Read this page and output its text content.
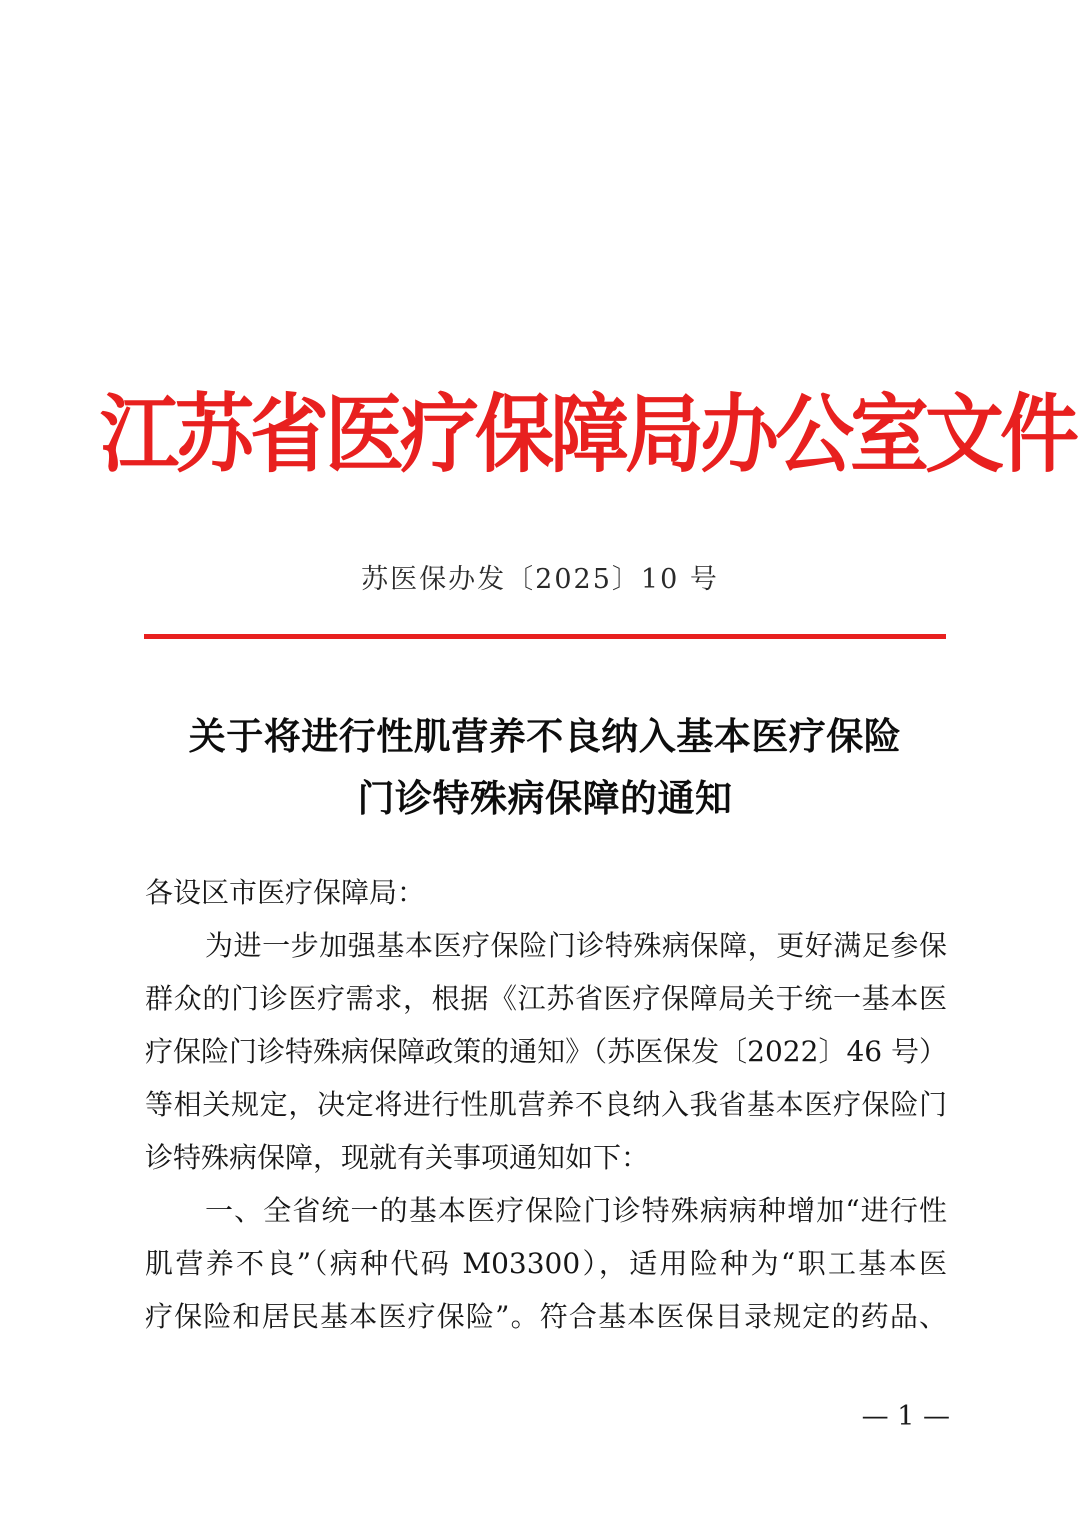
江苏省医疗保障局办公室文件
苏医保办发〔2025〕10 号
关于将进行性肌营养不良纳入基本医疗保险
门诊特殊病保障的通知
各设区市医疗保障局：
为进一步加强基本医疗保险门诊特殊病保障，更好满足参保
群众的门诊医疗需求，根据《江苏省医疗保障局关于统一基本医
疗保险门诊特殊病保障政策的通知》（苏医保发〔2022〕46 号）
等相关规定，决定将进行性肌营养不良纳入我省基本医疗保险门
诊特殊病保障，现就有关事项通知如下：
一、全省统一的基本医疗保险门诊特殊病病种增加“进行性
肌营养不良”（病种代码 M03300），适用险种为“职工基本医
疗保险和居民基本医疗保险”。符合基本医保目录规定的药品、
— 1 —
